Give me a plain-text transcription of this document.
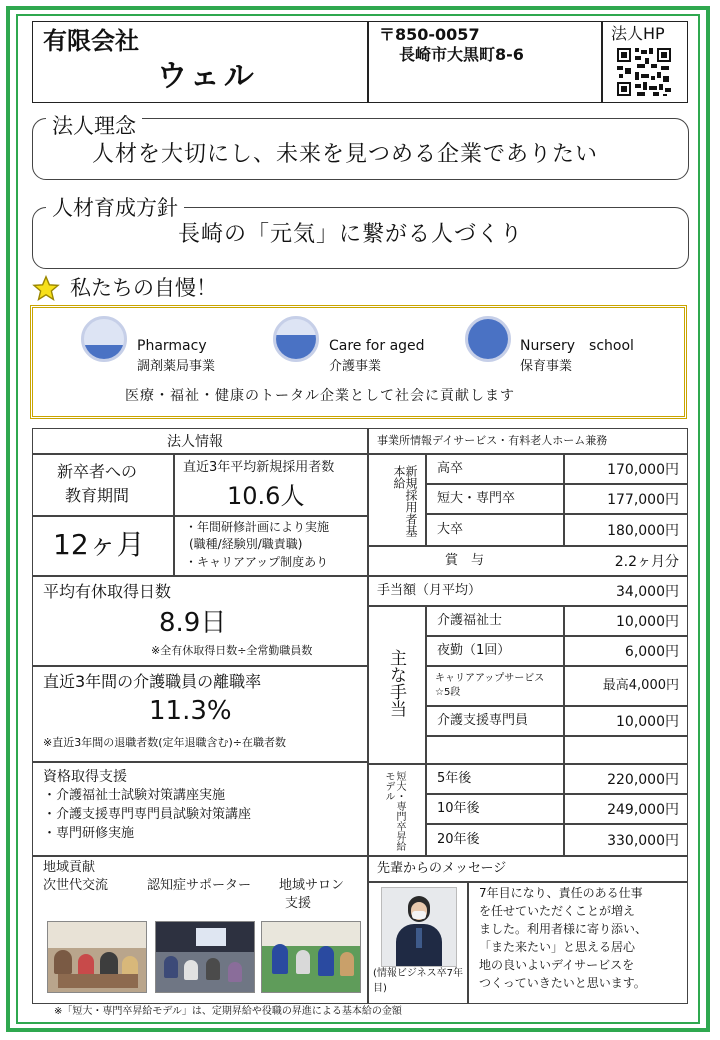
有限会社
ウェル
〒850-0057
長崎市大黒町8-6
法人HP
法人理念
人材を大切にし、未来を見つめる企業でありたい
人材育成方針
長崎の「元気」に繋がる人づくり
私たちの自慢！
Pharmacy
調剤薬局事業
Care for aged
介護事業
Nursery　school
保育事業
医療・福祉・健康のトータル企業として社会に貢献します
法人情報
新卒者への
教育期間
直近3年平均新規採用者数
10.6人
12ヶ月
・年間研修計画により実施
(職種/経験別/職責職)
・キャリアアップ制度あり
平均有休取得日数
8.9日
※全有休取得日数÷全常勤職員数
直近3年間の介護職員の離職率
11.3%
※直近3年間の退職者数(定年退職含む)÷在職者数
資格取得支援
・介護福祉士試験対策講座実施
・介護支援専門専門員試験対策講座
・専門研修実施
地域貢献
次世代交流	認知症サポーター 地域サロン
支援
事業所情報デイサービス・有料老人ホーム兼務
新規採用者基本給	高卒	170,000円
短大・専門卒	177,000円
大卒	180,000円
賞　与	2.2ヶ月分
手当額（月平均）	34,000円
主な手当
介護福祉士	10,000円
夜勤（1回）	6,000円
キャリアアップサービス　☆5段	最高4,000円
介護支援専門員	10,000円
短大・専門卒昇給モデル	5年後	220,000円
10年後	249,000円
20年後	330,000円
先輩からのメッセージ
(情報ビジネス卒7年目)
7年目になり、責任のある仕事
を任せていただくことが増え
ました。利用者様に寄り添い、
「また来たい」と思える居心
地の良いよいデイサービスを
つくっていきたいと思います。
※「短大・専門卒昇給モデル」は、定期昇給や役職の昇進による基本給の金額
